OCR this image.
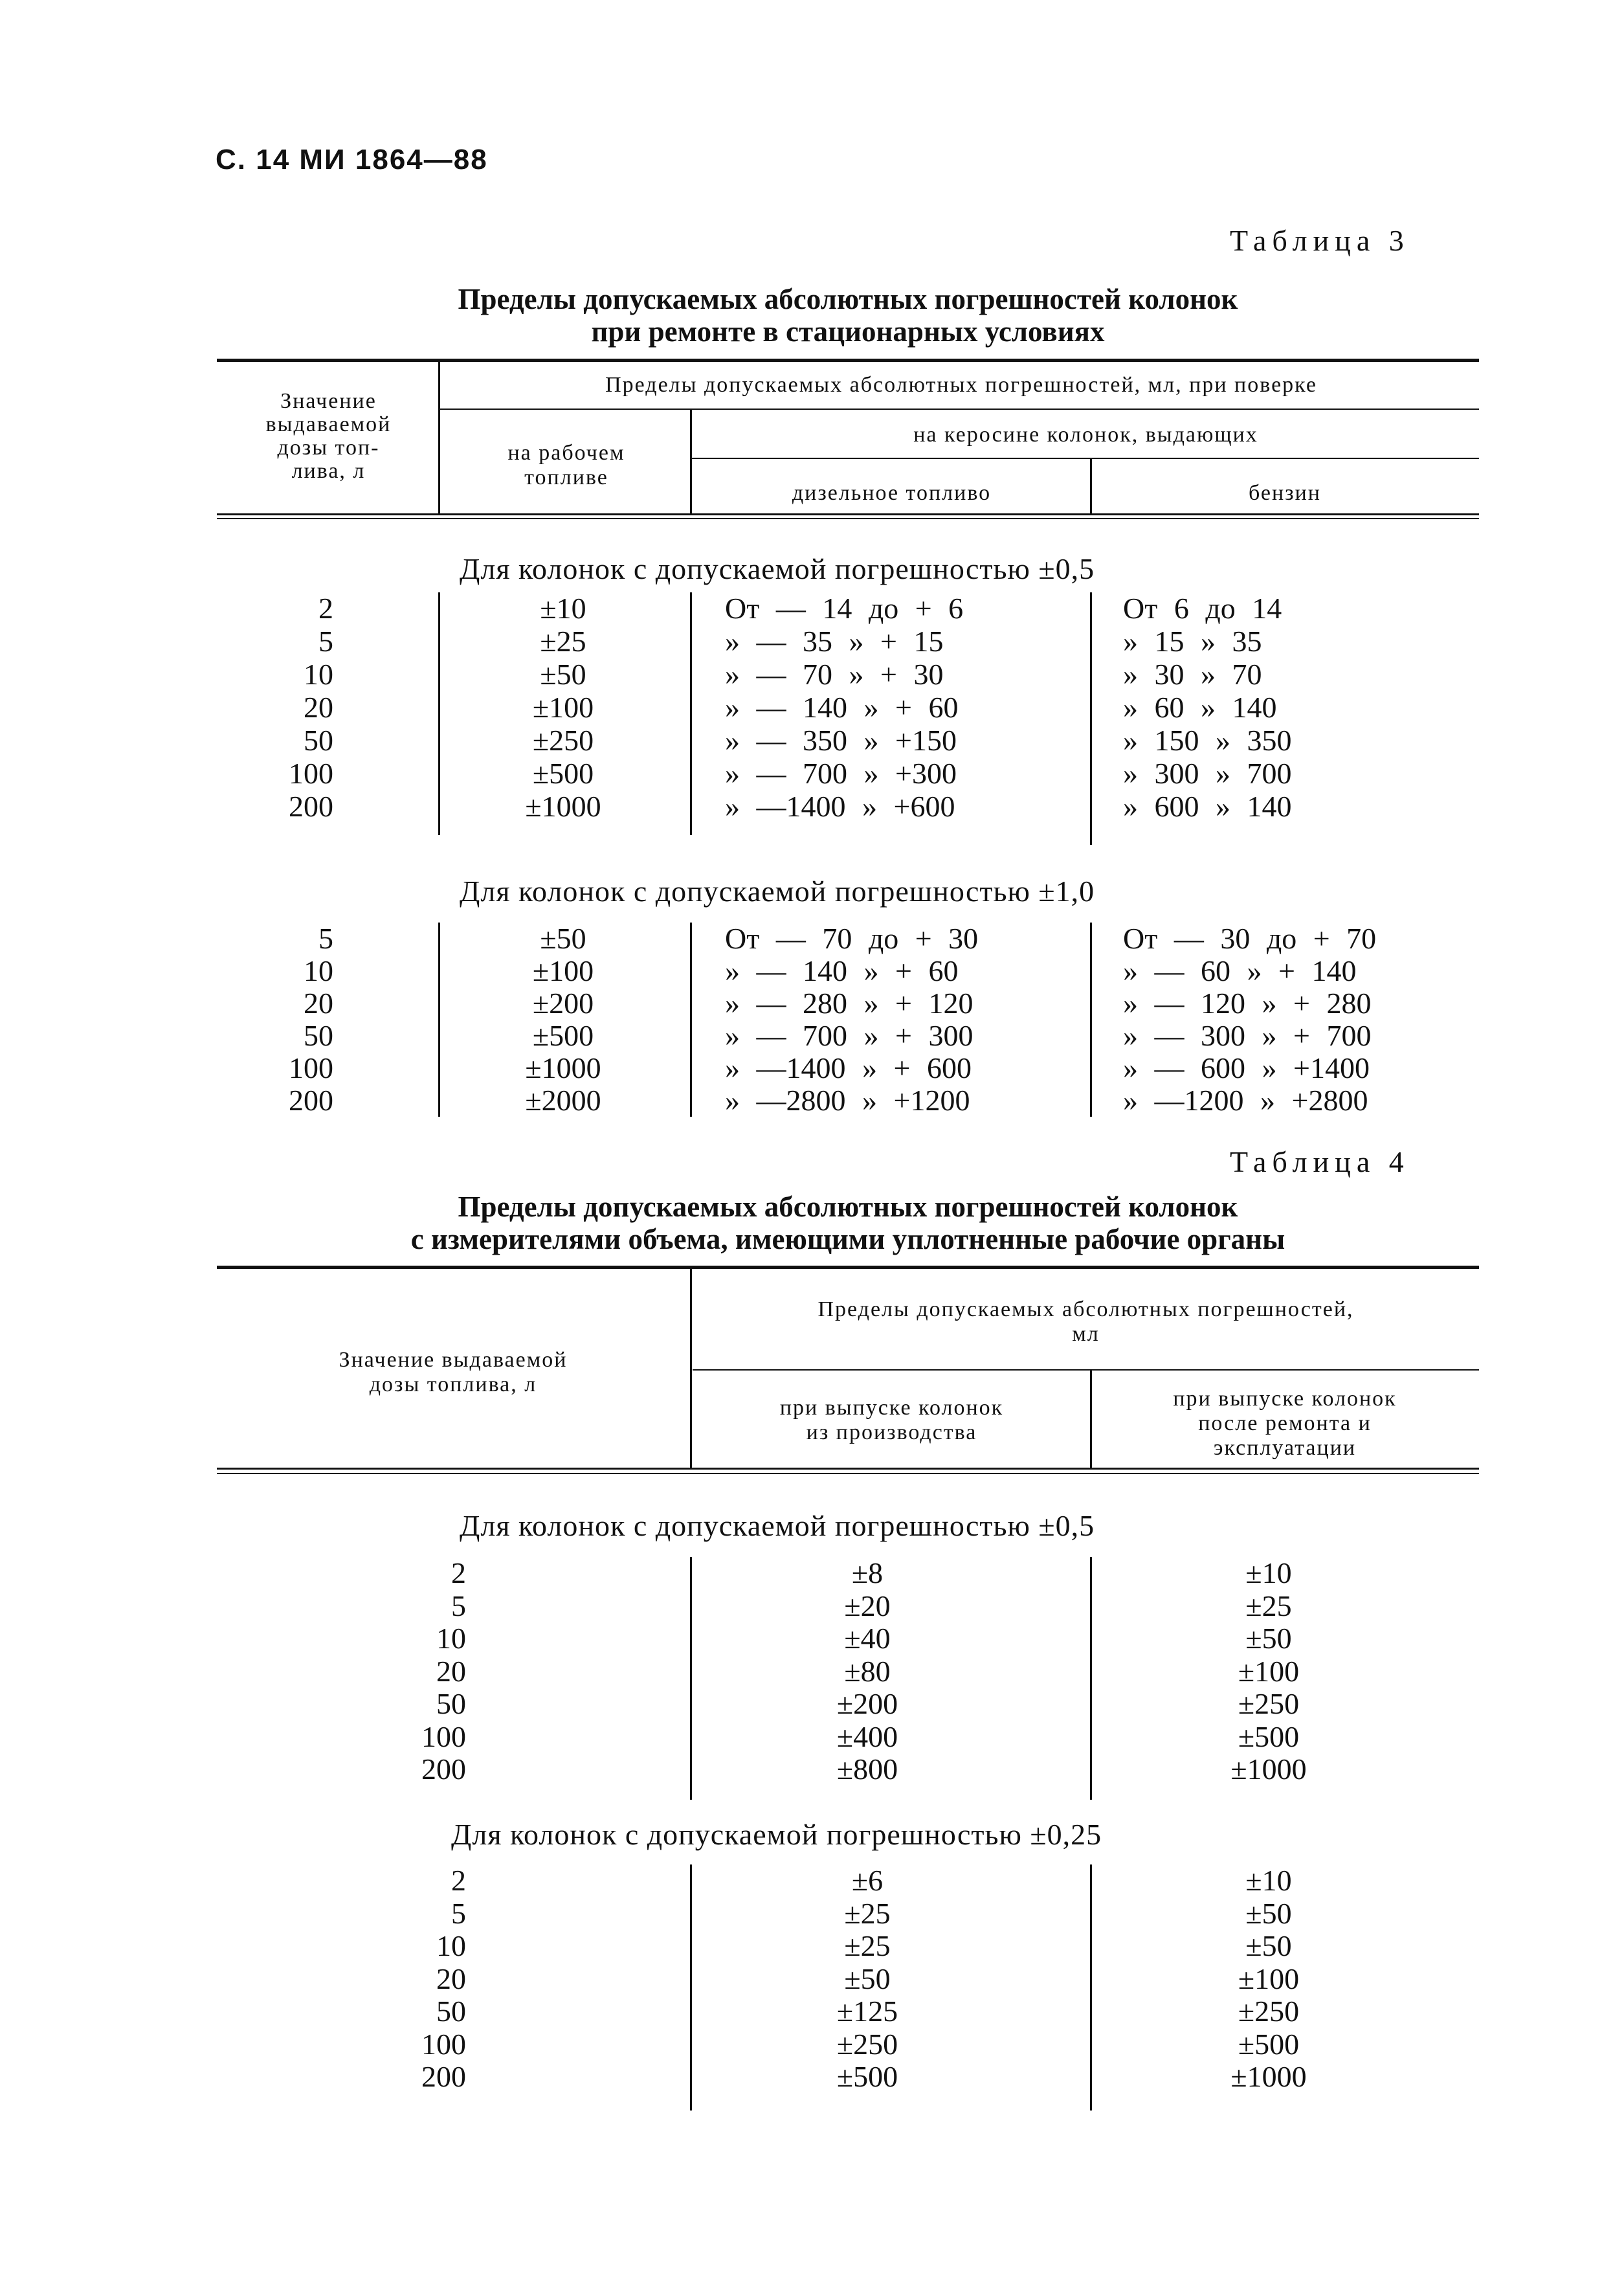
С. 14 МИ 1864—88
Таблица 3
Пределы допускаемых абсолютных погрешностей колонок
при ремонте в стационарных условиях
Значение
выдаваемой
дозы топ-
лива, л
Пределы допускаемых абсолютных погрешностей, мл, при поверке
на рабочем
топливе
на керосине колонок, выдающих
дизельное топливо	бензин
Для колонок с допускаемой погрешностью ±0,5
2	±10	От — 14 до + 6	От 6 до 14
5	±25	» — 35 » + 15	» 15 » 35
10	±50	» — 70 » + 30	» 30 » 70
20	±100	» — 140 » + 60	» 60 » 140
50	±250	» — 350 » +150	» 150 » 350
100	±500	» — 700 » +300	» 300 » 700
200	±1000	» —1400 » +600	» 600 » 140
Для колонок с допускаемой погрешностью ±1,0
5	±50	От — 70 до + 30	От — 30 до + 70
10	±100	» — 140 » + 60	» — 60 » + 140
20	±200	» — 280 » + 120	» — 120 » + 280
50	±500	» — 700 » + 300	» — 300 » + 700
100	±1000	» —1400 » + 600	» — 600 » +1400
200	±2000	» —2800 » +1200	» —1200 » +2800
Таблица 4
Пределы допускаемых абсолютных погрешностей колонок
с измерителями объема, имеющими уплотненные рабочие органы
Значение выдаваемой
дозы топлива, л
Пределы допускаемых абсолютных погрешностей,
мл
при выпуске колонок
из производства
при выпуске колонок
после ремонта и
эксплуатации
Для колонок с допускаемой погрешностью ±0,5
2	±8	±10
5	±20	±25
10	±40	±50
20	±80	±100
50	±200	±250
100	±400	±500
200	±800	±1000
Для колонок с допускаемой погрешностью ±0,25
2	±6	±10
5	±25	±50
10	±25	±50
20	±50	±100
50	±125	±250
100	±250	±500
200	±500	±1000
